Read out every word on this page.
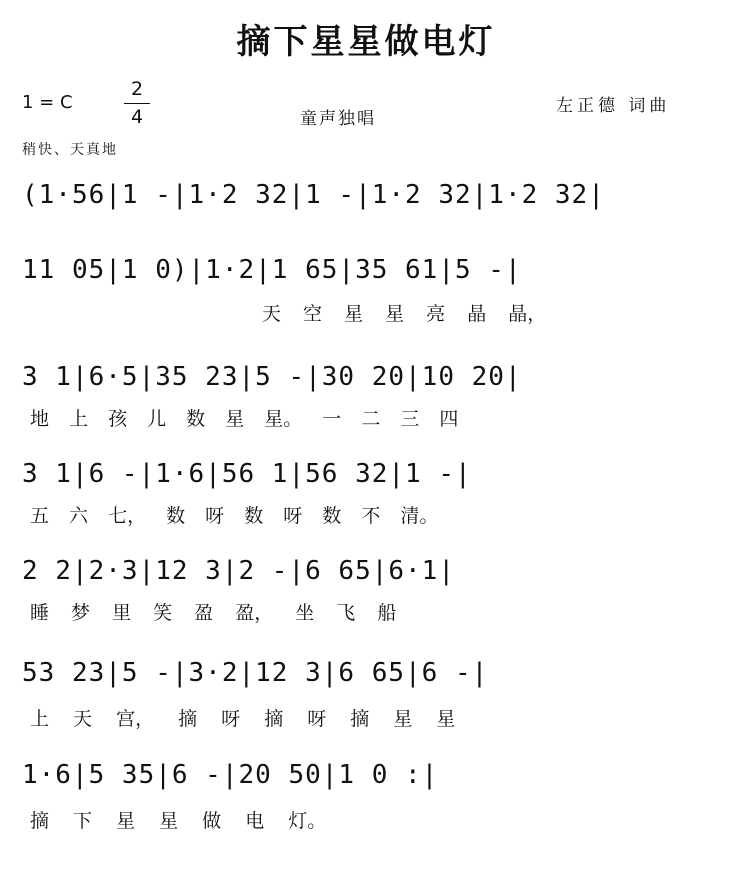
摘下星星做电灯
1 = C
2
4	童声独唱
左正德 词曲
稍快、天真地
(1·56|1 -|1·2 32|1 -|1·2 32|1·2 32|
11 05|1 0)|1·2|1 65|35 61|5 -|
天 空 星 星 亮 晶 晶，
3 1|6·5|35 23|5 -|30 20|10 20|
地 上 孩 儿 数 星 星。 一 二 三 四
3 1|6 -|1·6|56 1|56 32|1 -|
五 六 七， 数 呀 数 呀 数 不 清。
2 2|2·3|12 3|2 -|6 65|6·1|
睡 梦 里 笑 盈 盈， 坐 飞 船
53 23|5 -|3·2|12 3|6 65|6 -|
上 天 宫， 摘 呀 摘 呀 摘 星 星
1·6|5 35|6 -|20 50|1 0 :|
摘 下 星 星 做 电 灯。
